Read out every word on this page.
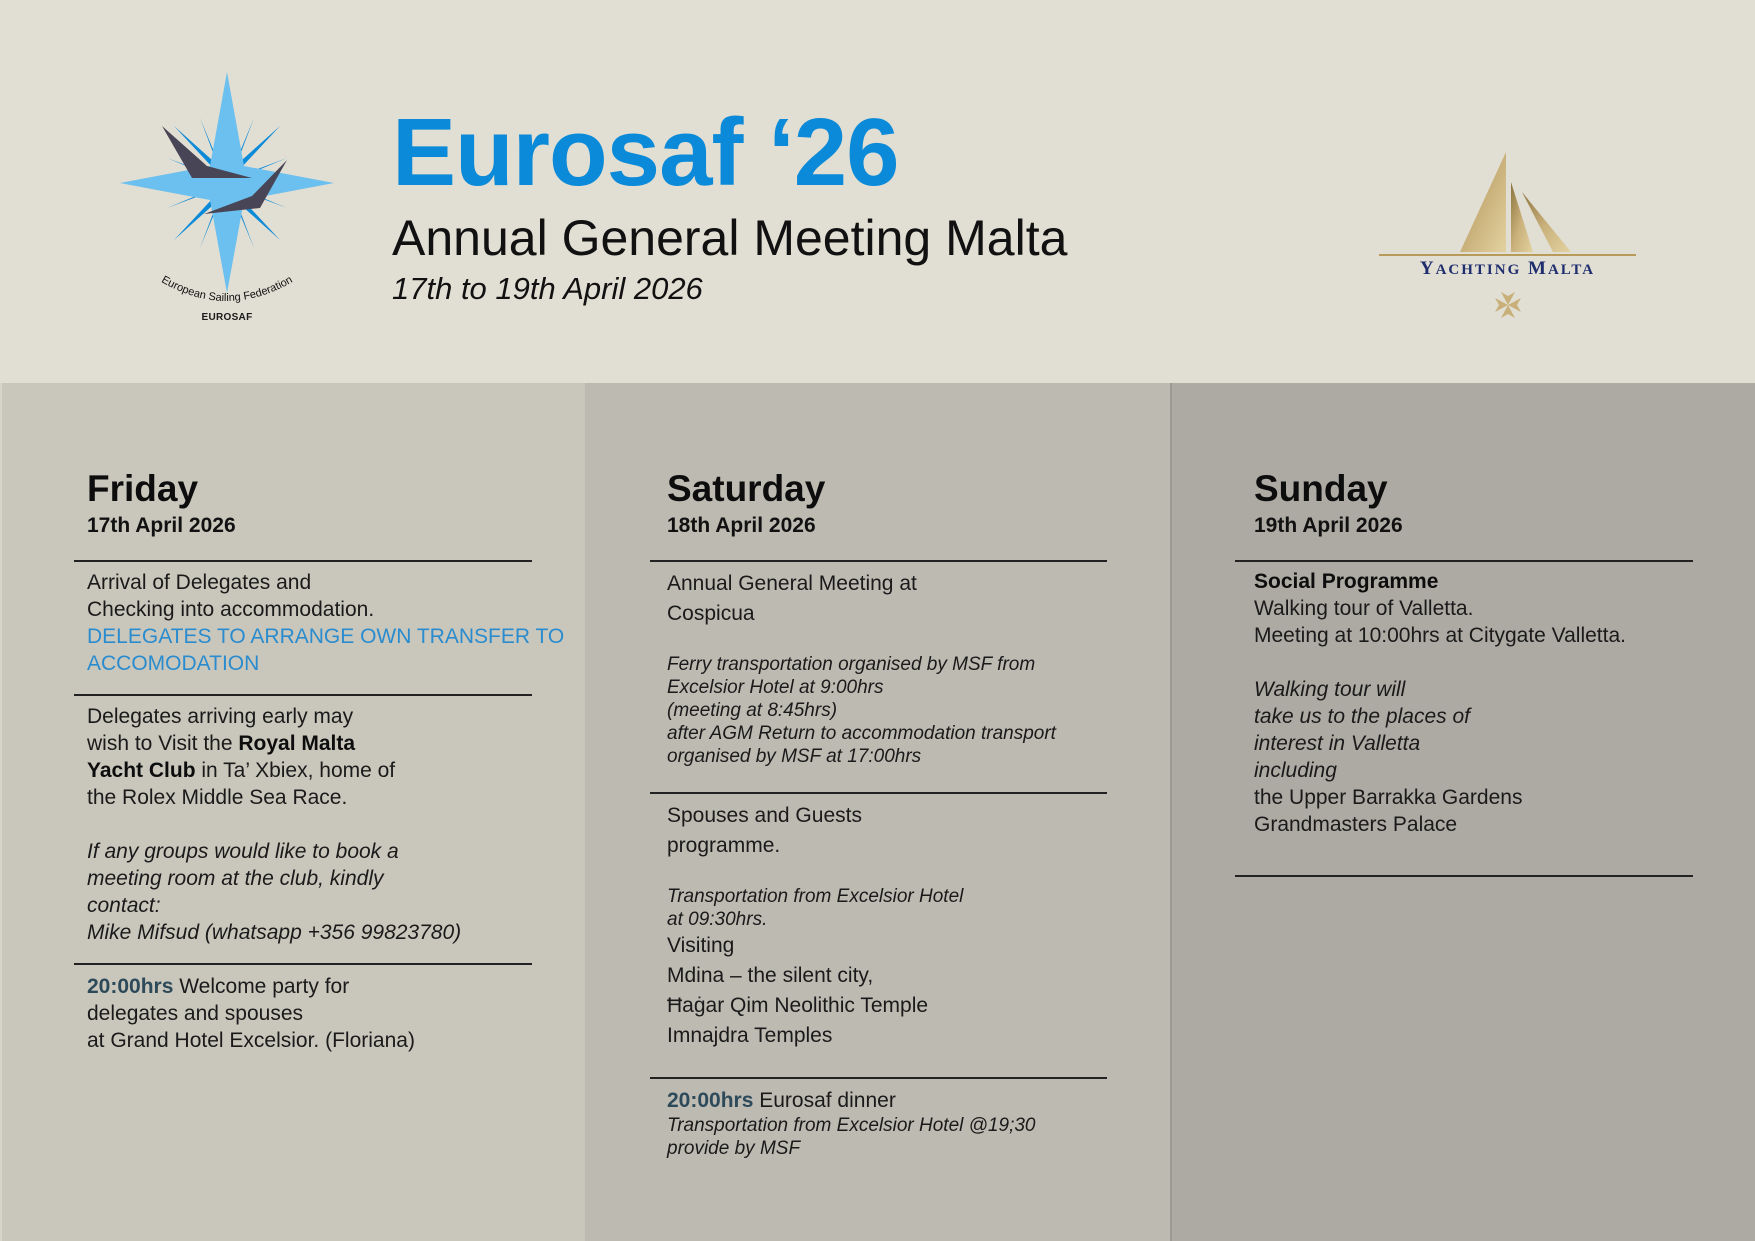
European Sailing Federation
EUROSAF
Eurosaf ‘26
Annual General Meeting Malta
17th to 19th April 2026
YACHTING MALTA
Friday
17th April 2026

Arrival of Delegates and

Checking into accommodation.

DELEGATES TO ARRANGE OWN TRANSFER TO

ACCOMODATION

Delegates arriving early may

wish to Visit the Royal Malta

Yacht Club in Ta’ Xbiex, home of

the Rolex Middle Sea Race.

If any groups would like to book a

meeting room at the club, kindly

contact:

Mike Mifsud (whatsapp +356 99823780)

20:00hrs Welcome party for

delegates and spouses

at Grand Hotel Excelsior. (Floriana)

Saturday
18th April 2026

Annual General Meeting at

Cospicua

Ferry transportation organised by MSF from

Excelsior Hotel at 9:00hrs

(meeting at 8:45hrs)

after AGM Return to accommodation transport

organised by MSF at 17:00hrs

Spouses and Guests

programme.

Transportation from Excelsior Hotel

at 09:30hrs.

Visiting

Mdina – the silent city,

Ħaġar Qim Neolithic Temple

Imnajdra Temples

20:00hrs Eurosaf dinner

Transportation from Excelsior Hotel @19;30

provide by MSF

Sunday
19th April 2026

Social Programme

Walking tour of Valletta.

Meeting at 10:00hrs at Citygate Valletta.

Walking tour will

take us to the places of

interest in Valletta

including

the Upper Barrakka Gardens

Grandmasters Palace
